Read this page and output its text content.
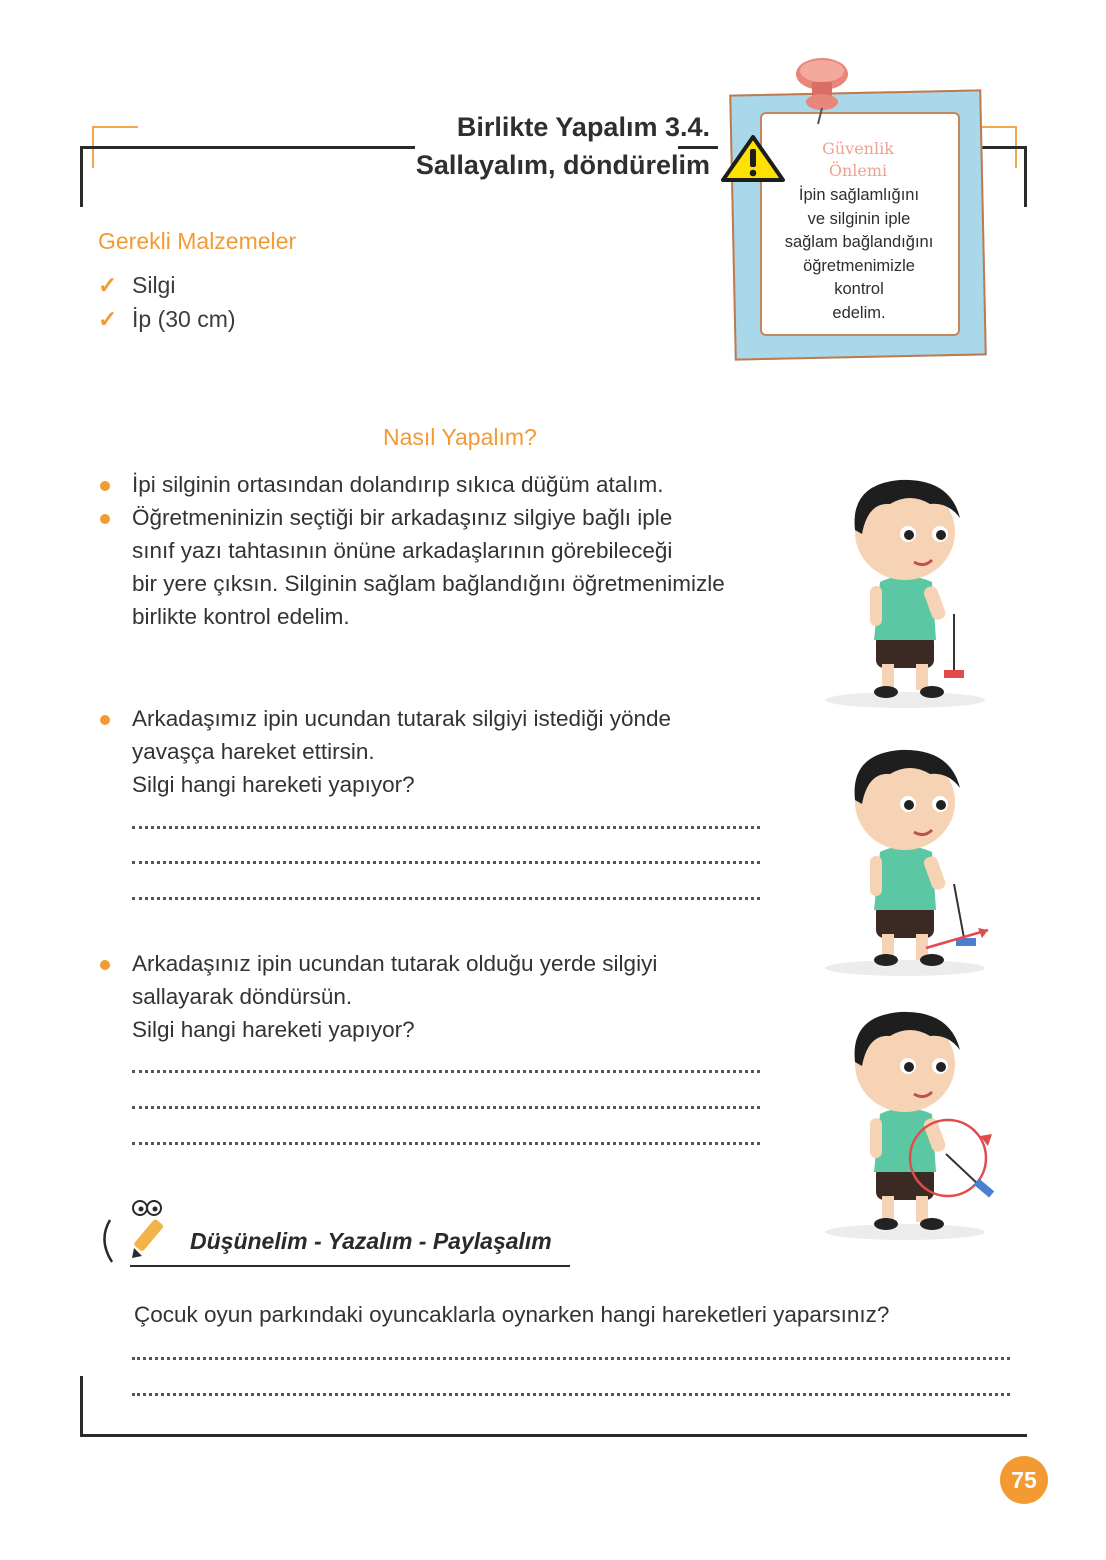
Birlikte Yapalım 3.4.
Sallayalım, döndürelim
Güvenlik
Önlemi
İpin sağlamlığını
ve silginin iple
sağlam bağlandığını
öğretmenimizle
kontrol
edelim.
Gerekli Malzemeler
✓ Silgi
✓ İp (30 cm)
Nasıl Yapalım?
İpi silginin ortasından dolandırıp sıkıca düğüm atalım.
Öğretmeninizin seçtiği bir arkadaşınız silgiye bağlı iple
sınıf yazı tahtasının önüne arkadaşlarının görebileceği
bir yere çıksın. Silginin sağlam bağlandığını öğretmenimizle
birlikte kontrol edelim.
Arkadaşımız ipin ucundan tutarak silgiyi istediği yönde
yavaşça hareket ettirsin.
Silgi hangi hareketi yapıyor?
Arkadaşınız ipin ucundan tutarak olduğu yerde silgiyi
sallayarak döndürsün.
Silgi hangi hareketi yapıyor?
Düşünelim - Yazalım - Paylaşalım
Çocuk oyun parkındaki oyuncaklarla oynarken hangi hareketleri yaparsınız?
75
